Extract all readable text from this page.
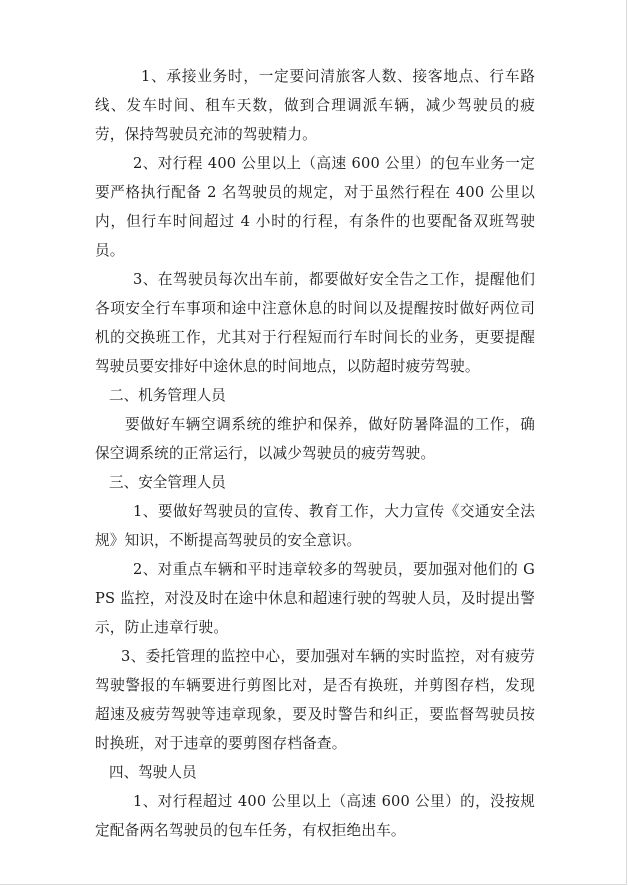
1、承接业务时，一定要问清旅客人数、接客地点、行车路线、发车时间、租车天数，做到合理调派车辆，减少驾驶员的疲劳，保持驾驶员充沛的驾驶精力。

2、对行程 400 公里以上（高速 600 公里）的包车业务一定要严格执行配备 2 名驾驶员的规定，对于虽然行程在 400 公里以内，但行车时间超过 4 小时的行程，有条件的也要配备双班驾驶员。

3、在驾驶员每次出车前，都要做好安全告之工作，提醒他们各项安全行车事项和途中注意休息的时间以及提醒按时做好两位司机的交换班工作，尤其对于行程短而行车时间长的业务，更要提醒驾驶员要安排好中途休息的时间地点，以防超时疲劳驾驶。

二、机务管理人员

要做好车辆空调系统的维护和保养，做好防暑降温的工作，确保空调系统的正常运行，以减少驾驶员的疲劳驾驶。

三、安全管理人员

1、要做好驾驶员的宣传、教育工作，大力宣传《交通安全法规》知识，不断提高驾驶员的安全意识。

2、对重点车辆和平时违章较多的驾驶员，要加强对他们的 GPS 监控，对没及时在途中休息和超速行驶的驾驶人员，及时提出警示，防止违章行驶。

3、委托管理的监控中心，要加强对车辆的实时监控，对有疲劳驾驶警报的车辆要进行剪图比对，是否有换班，并剪图存档，发现超速及疲劳驾驶等违章现象，要及时警告和纠正，要监督驾驶员按时换班，对于违章的要剪图存档备查。

四、驾驶人员

1、对行程超过 400 公里以上（高速 600 公里）的，没按规定配备两名驾驶员的包车任务，有权拒绝出车。
